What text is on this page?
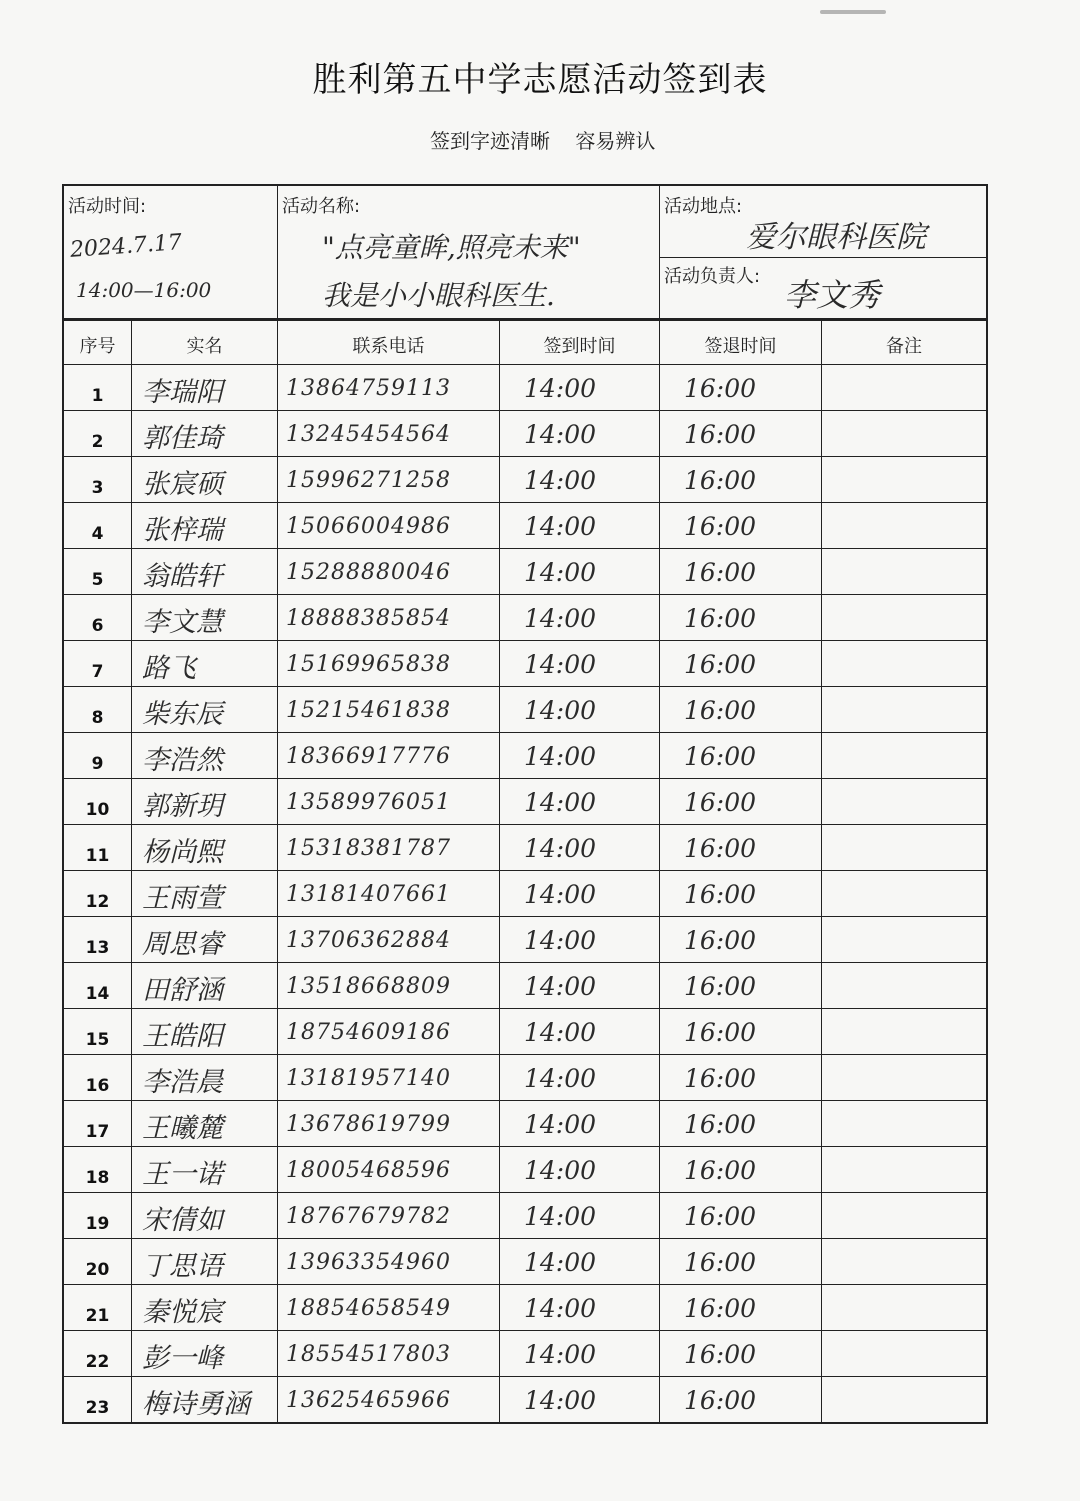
胜利第五中学志愿活动签到表
签到字迹清晰    容易辨认
活动时间:
2024.7.17
14:00—16:00
活动名称:
"点亮童眸,照亮未来"
我是小小眼科医生.
活动地点:
爱尔眼科医院
活动负责人: 李文秀
序号	实名	联系电话	签到时间	签退时间	备注
1	李瑞阳	13864759113	14:00	16:00
2	郭佳琦	13245454564	14:00	16:00
3	张宸硕	15996271258	14:00	16:00
4	张梓瑞	15066004986	14:00	16:00
5	翁皓轩	15288880046	14:00	16:00
6	李文慧	18888385854	14:00	16:00
7	路飞	15169965838	14:00	16:00
8	柴东辰	15215461838	14:00	16:00
9	李浩然	18366917776	14:00	16:00
10	郭新玥	13589976051	14:00	16:00
11	杨尚熙	15318381787	14:00	16:00
12	王雨萱	13181407661	14:00	16:00
13	周思睿	13706362884	14:00	16:00
14	田舒涵	13518668809	14:00	16:00
15	王皓阳	18754609186	14:00	16:00
16	李浩晨	13181957140	14:00	16:00
17	王曦麓	13678619799	14:00	16:00
18	王一诺	18005468596	14:00	16:00
19	宋倩如	18767679782	14:00	16:00
20	丁思语	13963354960	14:00	16:00
21	秦悦宸	18854658549	14:00	16:00
22	彭一峰	18554517803	14:00	16:00
23	梅诗勇涵 13625465966	14:00	16:00
